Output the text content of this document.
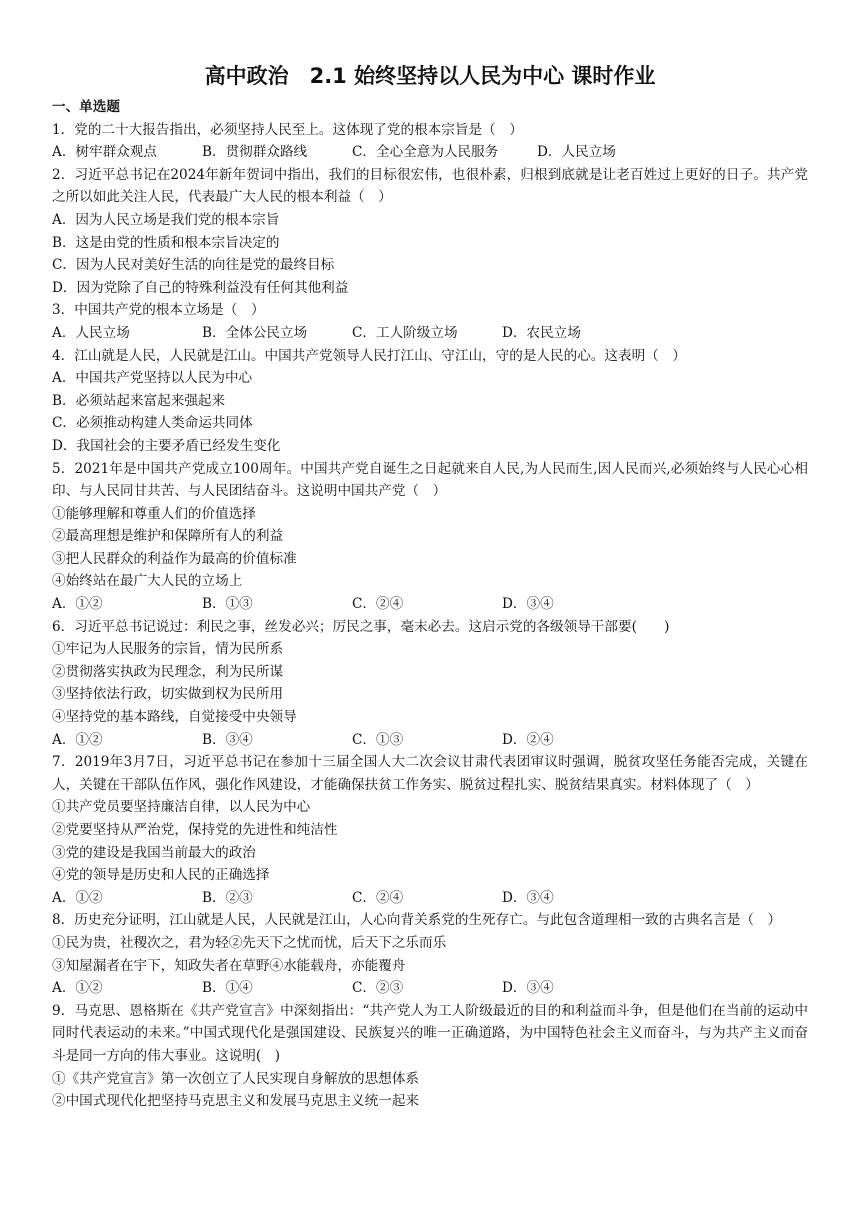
高中政治　2.1 始终坚持以人民为中心 课时作业

一、单选题

1．党的二十大报告指出，必须坚持人民至上。这体现了党的根本宗旨是（　）

A．树牢群众观点	B．贯彻群众路线	C．全心全意为人民服务	D．人民立场

2．习近平总书记在2024年新年贺词中指出，我们的目标很宏伟，也很朴素，归根到底就是让老百姓过上更好的日子。共产党之所以如此关注人民，代表最广大人民的根本利益（　）

A．因为人民立场是我们党的根本宗旨

B．这是由党的性质和根本宗旨决定的

C．因为人民对美好生活的向往是党的最终目标

D．因为党除了自己的特殊利益没有任何其他利益

3．中国共产党的根本立场是（　）

A．人民立场	B．全体公民立场	C．工人阶级立场	D．农民立场

4．江山就是人民，人民就是江山。中国共产党领导人民打江山、守江山，守的是人民的心。这表明（　）

A．中国共产党坚持以人民为中心

B．必须站起来富起来强起来

C．必须推动构建人类命运共同体

D．我国社会的主要矛盾已经发生变化

5．2021年是中国共产党成立100周年。中国共产党自诞生之日起就来自人民,为人民而生,因人民而兴,必须始终与人民心心相印、与人民同甘共苦、与人民团结奋斗。这说明中国共产党（　）

①能够理解和尊重人们的价值选择

②最高理想是维护和保障所有人的利益

③把人民群众的利益作为最高的价值标准

④始终站在最广大人民的立场上

A．①②	B．①③	C．②④	D．③④

6．习近平总书记说过：利民之事，丝发必兴；厉民之事，毫末必去。这启示党的各级领导干部要(　　)

①牢记为人民服务的宗旨，情为民所系

②贯彻落实执政为民理念，利为民所谋

③坚持依法行政，切实做到权为民所用

④坚持党的基本路线，自觉接受中央领导

A．①②	B．③④	C．①③	D．②④

7．2019年3月7日，习近平总书记在参加十三届全国人大二次会议甘肃代表团审议时强调，脱贫攻坚任务能否完成，关键在人，关键在干部队伍作风，强化作风建设，才能确保扶贫工作务实、脱贫过程扎实、脱贫结果真实。材料体现了（　）

①共产党员要坚持廉洁自律，以人民为中心

②党要坚持从严治党，保持党的先进性和纯洁性

③党的建设是我国当前最大的政治

④党的领导是历史和人民的正确选择

A．①②	B．②③	C．②④	D．③④

8．历史充分证明，江山就是人民，人民就是江山，人心向背关系党的生死存亡。与此包含道理相一致的古典名言是（　）

①民为贵，社稷次之，君为轻②先天下之忧而忧，后天下之乐而乐

③知屋漏者在宇下，知政失者在草野④水能载舟，亦能覆舟

A．①②	B．①④	C．②③	D．③④

9．马克思、恩格斯在《共产党宣言》中深刻指出：“共产党人为工人阶级最近的目的和利益而斗争，但是他们在当前的运动中同时代表运动的未来。”中国式现代化是强国建设、民族复兴的唯一正确道路，为中国特色社会主义而奋斗，与为共产主义而奋斗是同一方向的伟大事业。这说明(　)

①《共产党宣言》第一次创立了人民实现自身解放的思想体系

②中国式现代化把坚持马克思主义和发展马克思主义统一起来
